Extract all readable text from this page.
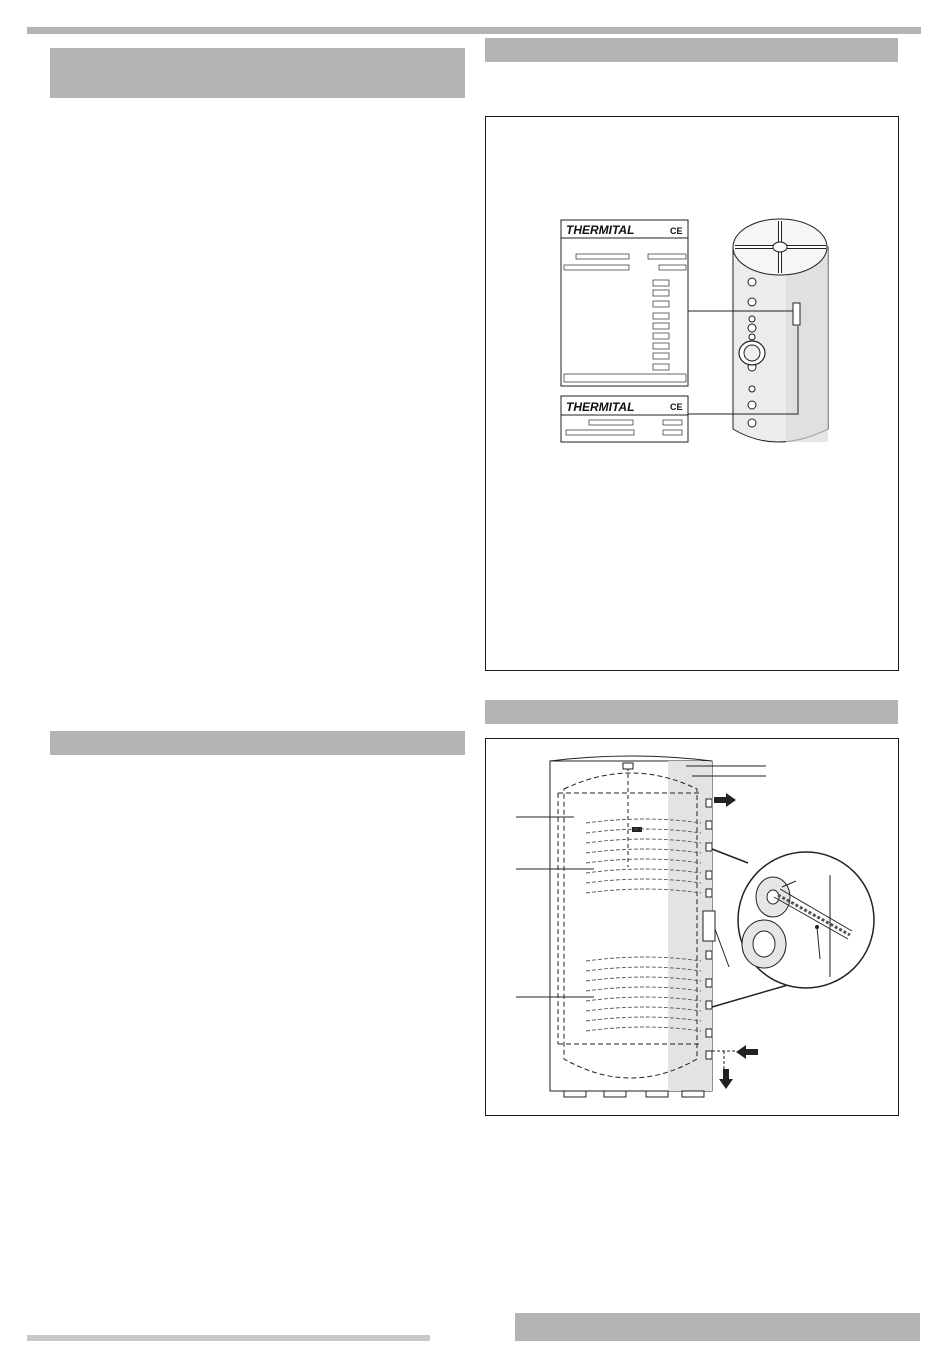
THERMITAL	CE
THERMITAL	CE
